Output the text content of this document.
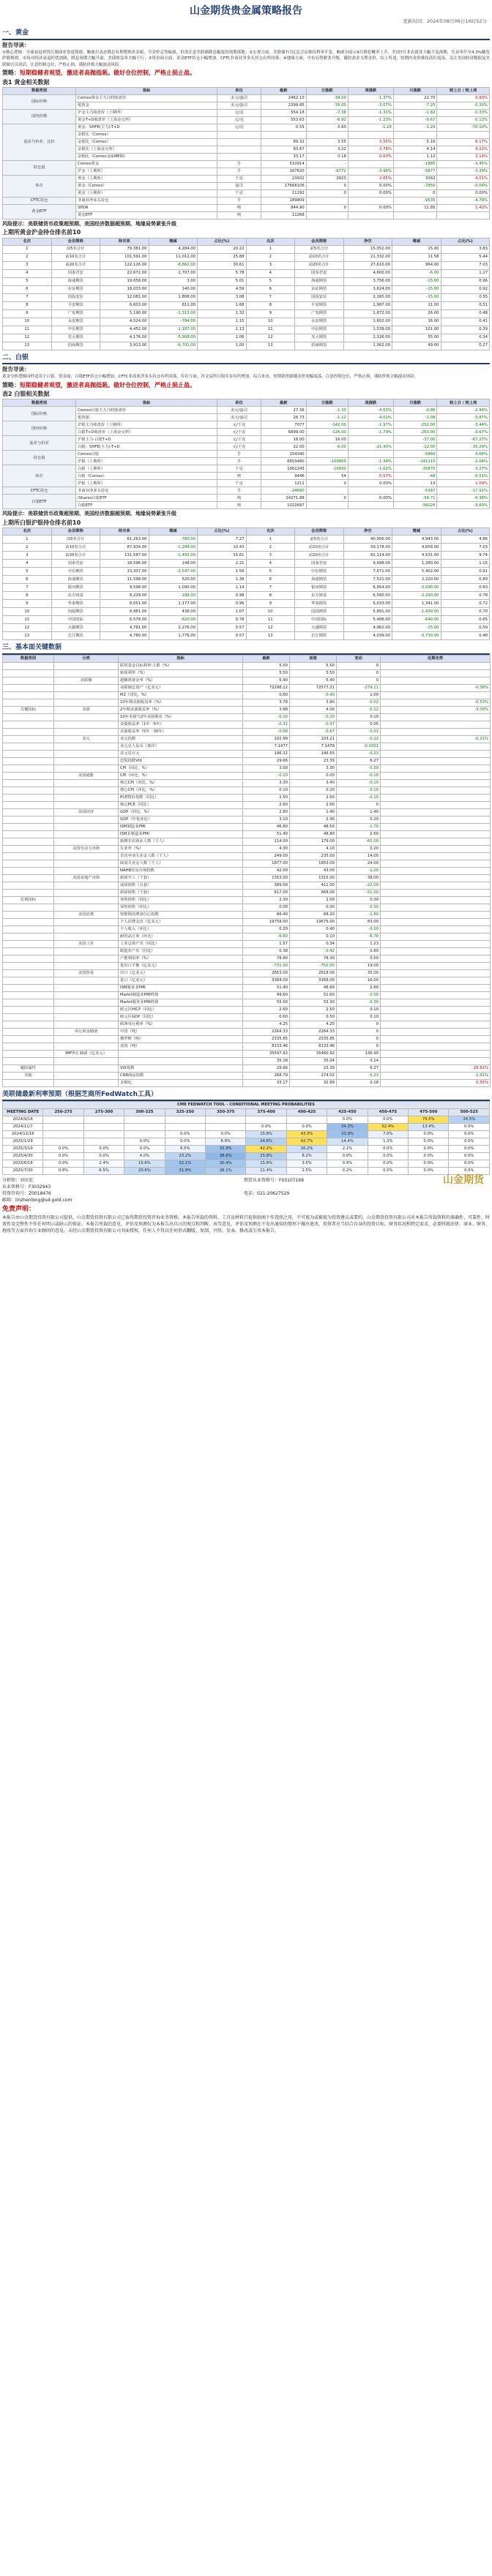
山金期货贵金属策略报告
更新时间：2024年08月06日16时52分
一、黄金
报告导读：
①核心逻辑：全球衰退担忧压制商业宽度情绪，鲍威尔表态降息有利整体贵金属，令金价走势偏强，但需注意美联储降息幅度的预期落地；②宏观方面，美联储7月议息会议维持利率不变，鲍威尔暗示9月降息概率上升，美国7月非农就业大幅不及预期，失业率升至4.3%触发萨姆规则，市场对经济衰退担忧加剧，降息预期大幅升温，美债收益率大幅下行；③资金面方面，黄金ETF持仓小幅增加，CFTC非商业净多头持仓有所回落；④地缘方面，中东局势紧张升级，避险需求支撑金价。综上所述，短期内金价维持高位震荡，关注美国经济数据及美联储官员讲话，注意控制仓位，严格止损，谨防价格大幅波动风险。
策略：短期稳健者观望，激进者高抛低吸。做好仓位控制，严格止损止盈。
表1 黄金相关数据
数据类别	指标	单位	最新	日涨跌	周涨跌	月涨跌	较上日 / 较上周
国际价格	Comex黄金主力合约收盘价	美元/盎司	2462.10	-34.00	-1.37%	22.70	0.93%
	伦敦金	美元/盎司	2399.85	-76.00	-3.07%	-7.25	-0.30%
国内价格	沪金主力收盘价（上期所）	元/克	554.18	-7.38	-1.31%	-1.82	-0.33%
	黄金T+D收盘价（上海金交所）	元/克	553.63	-6.92	-1.23%	-0.67	-0.12%
基差与价差、比价	黄金：SHFE(主力)-T+D	元/克	0.55	0.60	-1.29	-1.29	-70.10%
	金银比（Comex）						
	金银比（Comex）		89.32	3.55	3.55%	5.16	6.17%
	金银比（上海金交所）		83.67	3.22	3.78%	4.14	4.22%
	金铜比（Comex金/LME铜）		33.17	0.18	0.63%	1.12	3.14%
持仓量	Comex黄金	手	510914	-		-1885	-3.45%
	沪金（上期所）	手	167620	-6772	-3.96%	-5877	-3.39%
库存	黄金（上期所）	千克	23932	2823	2.65%	3342	4.01%
	黄金（Comex）	盎司	17668106	0	0.00%	-7850	-0.04%
	黄金（上期所）	千克	11292	0	0.00%	0	0.00%
CFTC持仓	非商业净多头持仓	手	189809			-9535	-4.78%
黄金ETF	SPDR	吨	844.90	0	0.00%	11.85	1.42%
	黄金ETF	吨	11268				
风险提示：美联储货币政策超预期、美国经济数据超预期、地缘局势紧张升级
上期所黄金沪金持仓排名前10
名次	会员简称	持买单	增减	占比(%)	名次	会员简称	净空	增减	占比(%)
1	前5名合计	79,381.00	4,284.00	20.22	1	前5名合计	15,052.00	15.00	3.83
2	前10名合计	101,591.00	11,012.00	25.88	2	前10名合计	21,332.00	11.58	5.44
3	前20名合计	122,126.00	-8,862.00	30.61	3	前20名合计	27,610.00	964.00	7.03
4	国泰君安	22,672.00	2,707.00	5.78	4	国泰君安	4,600.00	-6.00	1.17
5	海通期货	19,658.00	3.00	5.01	5	海通期货	3,756.00	-15.00	0.96
6	东证期货	18,033.00	140.00	4.59	6	东证期货	3,624.00	-15.00	0.92
7	国投安信	12,081.00	1,808.00	3.08	7	国投安信	2,165.00	-15.00	0.55
8	平安期货	6,603.00	811.00	1.68	8	平安期货	1,987.00	11.00	0.51
9	广发期货	5,190.00	-1,313.00	1.32	9	广发期货	1,872.00	26.00	0.48
10	永安期货	4,524.00	-794.00	1.15	10	永安期货	1,602.00	16.00	0.41
11	中信期货	4,452.00	-1,187.00	1.13	11	中信期货	1,539.00	101.00	0.39
12	光大期货	4,176.00	-5,908.00	1.06	12	光大期货	1,326.00	55.00	0.34
13	招商期货	3,913.00	-6,701.00	1.00	13	招商期货	1,062.00	49.00	0.27
二、白银
报告导读：
黄金分析逻辑同样适用于白银。资金面，白银ETF持仓小幅增加，CFTC非商业净多头持仓有所回落。库存方面，各交易所白银库存有所增加。综合来看，短期银价跟随金价宽幅震荡，注意控制仓位，严格止损，谨防价格大幅波动风险。
策略：短期稳健者观望，激进者高抛低吸。做好仓位控制，严格止损止盈。
表2 白银相关数据
数据类别	指标	单位	最新	日涨跌	周涨跌	月涨跌	较上日 / 较上周
国际价格	Comex白银主力合约收盘价	美元/盎司	27.36	-1.33	-4.63%	-0.86	-2.94%
	伦敦银	美元/盎司	26.73	-1.12	-4.01%	-1.08	-3.87%
国内价格	沪银主力收盘价（上期所）	元/千克	7077	-142.00	-1.97%	-252.00	-3.44%
	白银T+D收盘价（上海金交所）	元/千克	6899.00	-126.00	-1.79%	-263.00	-3.67%
基差与价差	沪银主力-白银T+D	元/千克	18.00	16.00		-37.00	-67.27%
	白银：SHFE(主力)-T+D	元/千克	22.00	-6.00	-21.43%	-12.00	-35.29%
持仓量	Comex白银	手	154340			-5869	-3.66%
	沪银（上期所）	手	6653480	-109800	-1.34%	-141115	-2.04%
库存	白银（上期所）	千克	1061245	-10930	-1.02%	-35870	-3.27%
	白银（Comex）	吨	9446	54	0.57%	-48	-0.51%
	沪银（上期所）	千克	1211	0	0.00%	13	1.09%
CFTC持仓	非商业净多头持仓	手	-24690			-5387	-17.91%
白银ETF	iShares白银ETF	吨	14271.88	0	0.00%	-54.71	-0.38%
	白银ETF	吨	1022697			-38229	-3.60%
风险提示：美联储货币政策超预期、美国经济数据超预期、地缘局势紧张升级
上期所白银沪银持仓排名前10
名次	会员简称	持买单	增减	占比(%)	名次	会员简称	净空	增减	占比(%)
1	前5名合计	61,263.00	-780.00	7.27	1	前5名合计	40,956.00	4,943.00	4.86
2	前10名合计	87,934.00	-1,284.00	10.43	2	前10名合计	59,178.00	4,658.00	7.03
3	前20名合计	131,587.00	-1,493.00	15.61	3	前20名合计	82,114.00	4,531.00	9.74
4	国泰君安	18,596.00	148.00	2.21	4	国泰君安	9,698.00	1,280.00	1.15
5	中信期货	13,307.00	-3,547.00	1.58	5	中信期货	7,671.00	5,402.00	0.91
6	海通期货	11,598.00	520.00	1.38	6	海通期货	7,521.00	2,220.00	0.89
7	银河期货	9,598.00	1,090.00	1.14	7	银河期货	6,954.00	-3,090.00	0.83
8	东方财富	8,229.00	-188.00	0.98	8	东方财富	6,580.00	-2,290.00	0.78
9	华泰期货	8,051.00	1,177.00	0.96	9	华泰期货	6,033.00	1,341.00	0.72
10	国投期货	8,981.00	438.00	1.07	10	国投期货	5,891.00	-1,430.00	0.70
11	中国国际	6,578.00	-620.00	0.78	11	中国国际	5,488.00	-640.00	0.65
12	大越期货	4,781.00	2,276.00	0.57	12	大越期货	4,962.00	-25.00	0.59
13	长江期货	4,780.00	1,776.00	0.57	13	长江期货	4,039.00	-3,730.00	0.48
三、基本面关键数据
数据类别	分类	指标	最新	前值	变动	近期走势
		联邦基金目标利率:上限（%）	5.50	5.50	0	
		贴现利率（%）	5.50	5.50	0	
	美联储	超额准备金率（%）	5.40	5.40	0	
		美联储总资产（亿美元）	72298.12	72577.21	-279.11	-0.38%
		M2（同比，%）	0.60	-0.40	1.00	
		10年期美债收益率（%）	3.78	3.80	-0.02	-0.53%
关键指标	美债	2年期美债收益率（%）	3.88	4.00	-0.12	-3.00%
		10年美债与2年美债利差（%）	-0.10	-0.20	0.10	
		美债收益率（1年一5年）	-0.32	-0.37	0.05	
		美债收益率（5年一30年）	-0.68	-0.67	-0.01	
	美元	美元指数	102.99	103.21	-0.22	-0.21%
		美元兑人民币（离岸）	7.1477	7.1478	-0.0001	
		美元兑日元	146.32	146.55	-0.23	
		恐慌指数VIX	29.66	23.39	6.27	
		CPI（同比，%）	3.00	3.30	-0.30	
	美国通胀	CPI（环比，%）	-0.10	0.00	-0.10	
		核心CPI（同比，%）	3.30	3.40	-0.10	
		核心CPI（环比，%）	0.10	0.20	-0.10	
		PCE物价指数（同比）	2.50	2.60	-0.10	
		核心PCE（同比）	2.60	2.60	0	
	美国经济	GDP（同比，%）	2.80	1.40	1.40	
		GDP（年化环比）	3.10	2.90	0.20	
		ISM制造业PMI	46.80	48.50	-1.70	
		ISM非制造业PMI	51.40	48.80	2.60	
		新增非农就业人数（千人）	114.00	179.00	-65.00	
	美国劳动力市场	失业率（%）	4.30	4.10	0.20	
		首次申请失业金人数（千人）	249.00	235.00	14.00	
		续请失业金人数（千人）	1877.00	1853.00	24.00	
		NAHB住房市场指数	42.00	43.00	-1.00	
	美国房地产市场	新屋开工（千套）	1353.00	1315.00	38.00	
		成屋销售（万套）	389.00	411.00	-22.00	
		新屋销售（千套）	617.00	668.00	-51.00	
宏观指标		零售销售（同比）	2.30	2.00	0.30	
		零售销售（环比）	0.00	0.30	-0.30	
	美国消费	密歇根消费者信心指数	66.40	68.20	-1.80	
		个人消费支出（亿美元）	19758.00	19675.00	83.00	
		个人收入（环比）	0.20	0.40	-0.20	
		耐用品订单（环比）	-6.60	0.10	-6.70	
	美国工业	工业总体产出（同比）	1.57	0.34	1.23	
		制造业产出（同比）	0.38	-0.42	0.80	
		产能利用率（%）	78.80	78.30	0.50	
		进出口平衡（亿美元）	-731.00	-750.00	19.00	
	美国贸易	出口（亿美元）	2653.00	2618.00	35.00	
		进口（亿美元）	3384.00	3368.00	16.00	
		ISM服务业PMI	51.40	48.80	2.60	
		Markit制造业PMI终值	49.60	51.60	-2.00	
		Markit服务业PMI终值	55.00	55.30	-0.30	
		欧元区HICP（同比）	2.60	2.50	0.10	
		欧元区GDP（同比）	0.60	0.50	0.10	
		欧洲央行利率（%）	4.25	4.25	0	
	央行黄金储备	中国（吨）	2264.33	2264.33	0	
		俄罗斯（吨）	2335.85	2335.85	0	
		美国（吨）	8133.46	8133.46	0	
	IMF外汇储备（亿美元）		35597.82	35460.92	136.90	
			35.18	35.04	0.14	
避险属性		VIX指数	29.66	23.39	6.27	26.81%
其他		CRB商品指数	268.79	274.02	-5.23	-1.91%
		金铜比	33.17	32.99	0.18	0.55%
美联储最新利率预期（根据芝商所FedWatch工具）
CME FEDWATCH TOOL - CONDITIONAL MEETING PROBABILITIES											
MEETING DATE	250-275	275-300	300-325	325-350	350-375	375-400	400-425	425-450	450-475	475-500	500-525
2024/9/18								0.0%	0.0%	75.5%	24.5%
2024/11/7						0.0%	0.0%	34.3%	52.4%	13.4%	0.0%
2024/12/18				0.0%	0.0%	15.8%	43.3%	33.9%	7.0%	0.0%	0.0%
2025/1/29			0.0%	0.0%	6.9%	24.6%	42.7%	14.4%	1.3%	0.0%	0.0%
2025/3/19	0.0%	0.0%	0.0%	6.5%	32.9%	42.2%	16.2%	2.1%	0.0%	0.0%	0.0%
2025/4/30	0.0%	0.0%	4.0%	23.2%	38.8%	25.8%	8.2%	0.0%	0.0%	0.0%	0.0%
2025/6/18	0.0%	2.4%	15.6%	32.1%	30.4%	15.6%	3.5%	0.4%	0.0%	0.0%	0.0%
2025/7/30	0.8%	6.5%	20.6%	31.9%	26.1%	11.4%	2.5%	0.2%	0.0%	0.0%	0.0%
山金期货
分析师：刘宾宏
从业资格号：F3032943
投资咨询号：Z0018476
邮箱：linzhenlong@sd-gold.com
期货从业资格号：F03107169

电话：021-20627529

免责声明：
本报告由山金期货投资有限公司提供。山金期货投资有限公司已取得期货投资咨询业务资格。本报告所载的资料、工具及材料只提供给阁下作查照之用，不可视为或被视为投资建议或要约。山金期货投资有限公司对本报告所载资料的准确性、可靠性、时效性及完整性不作任何明示或暗示的保证。本报告所载的意见、评估及预测仅为本报告出具日的观点和判断，该等意见、评估及预测在不发出通知的情形下做出更改。投资者应当结合自身的投资目标、财务状况和特定需求，必要时就法律、商业、财务、税收等方面咨询专业顾问的意见。未经山金期货投资有限公司书面授权，任何人不得以任何形式翻版、复制、刊登、发表、修改或引用本报告。
